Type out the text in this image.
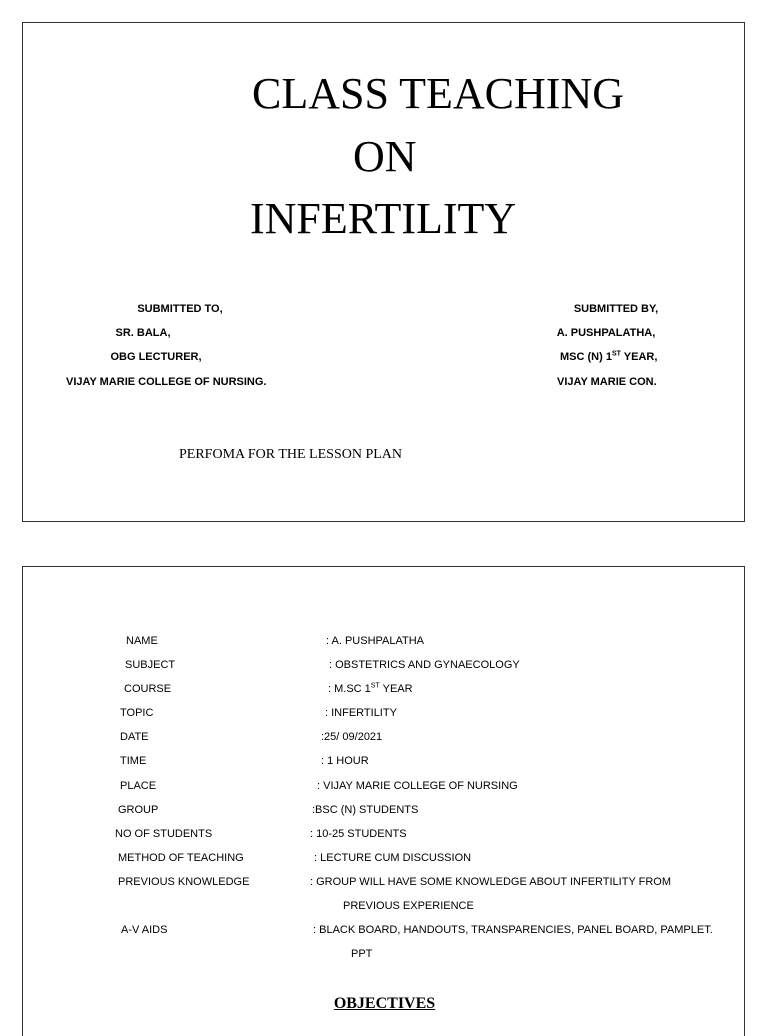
CLASS TEACHING
ON
INFERTILITY
SUBMITTED TO,
SR. BALA,
OBG LECTURER,
VIJAY MARIE COLLEGE OF NURSING.
SUBMITTED BY,
A. PUSHPALATHA,
MSC (N) 1ST YEAR,
VIJAY MARIE CON.
PERFOMA FOR THE LESSON PLAN
NAME	: A. PUSHPALATHA
SUBJECT	: OBSTETRICS AND GYNAECOLOGY
COURSE	: M.SC 1ST YEAR
TOPIC	: INFERTILITY
DATE	:25/ 09/2021
TIME	: 1 HOUR
PLACE	: VIJAY MARIE COLLEGE OF NURSING
GROUP	:BSC (N) STUDENTS
NO OF STUDENTS	: 10-25 STUDENTS
METHOD OF TEACHING	: LECTURE CUM DISCUSSION
PREVIOUS KNOWLEDGE	: GROUP WILL HAVE SOME KNOWLEDGE ABOUT INFERTILITY FROM
PREVIOUS EXPERIENCE
A-V AIDS	: BLACK BOARD, HANDOUTS, TRANSPARENCIES, PANEL BOARD, PAMPLET.
PPT
OBJECTIVES
